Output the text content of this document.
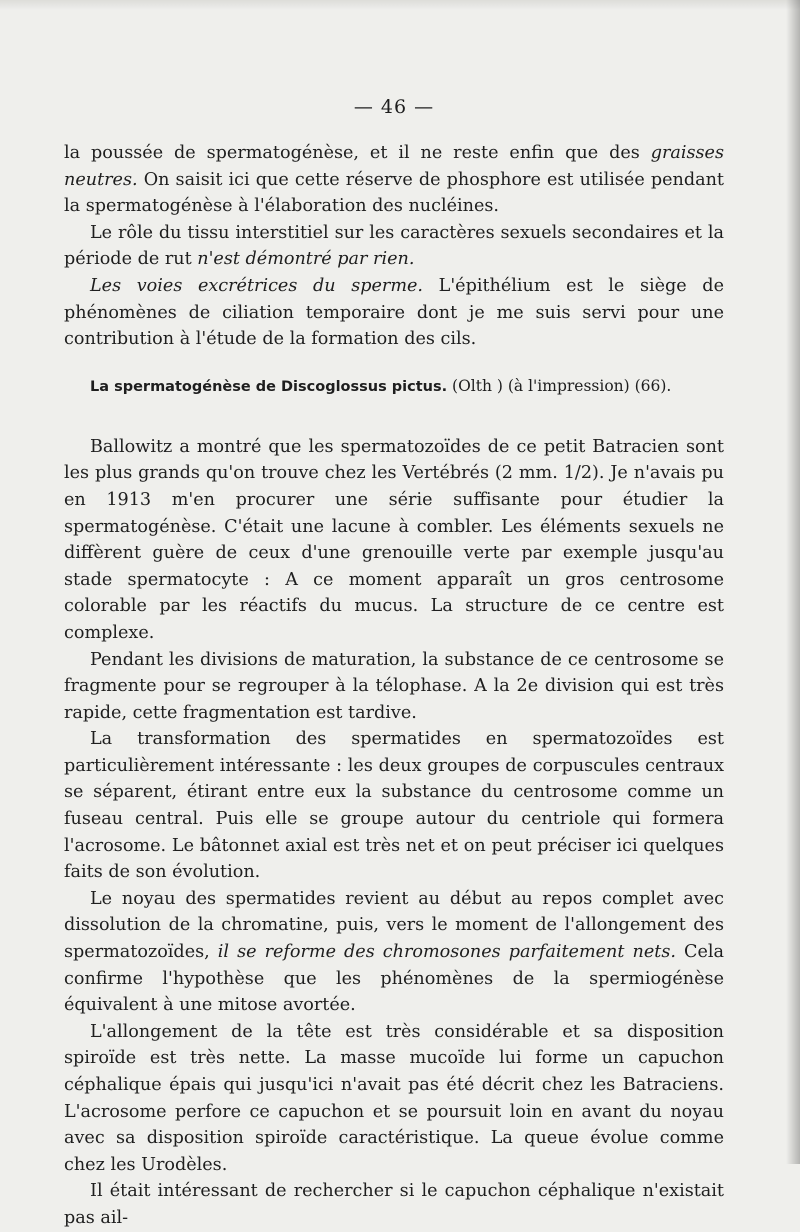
— 46 —

la poussée de spermatogénèse, et il ne reste enfin que des graisses neutres. On saisit ici que cette réserve de phosphore est utilisée pendant la spermatogénèse à l'élaboration des nucléines.

Le rôle du tissu interstitiel sur les caractères sexuels secondaires et la période de rut n'est démontré par rien.

Les voies excrétrices du sperme. L'épithélium est le siège de phénomènes de ciliation temporaire dont je me suis servi pour une contribution à l'étude de la formation des cils.

La spermatogénèse de Discoglossus pictus. (Olth ) (à l'impression) (66).

Ballowitz a montré que les spermatozoïdes de ce petit Batracien sont les plus grands qu'on trouve chez les Vertébrés (2 mm. 1/2). Je n'avais pu en 1913 m'en procurer une série suffisante pour étudier la spermatogénèse. C'était une lacune à combler. Les éléments sexuels ne diffèrent guère de ceux d'une grenouille verte par exemple jusqu'au stade spermatocyte : A ce moment apparaît un gros centrosome colorable par les réactifs du mucus. La structure de ce centre est complexe.

Pendant les divisions de maturation, la substance de ce centrosome se fragmente pour se regrouper à la télophase. A la 2e division qui est très rapide, cette fragmentation est tardive.

La transformation des spermatides en spermatozoïdes est particulièrement intéressante : les deux groupes de corpuscules centraux se séparent, étirant entre eux la substance du centrosome comme un fuseau central. Puis elle se groupe autour du centriole qui formera l'acrosome. Le bâtonnet axial est très net et on peut préciser ici quelques faits de son évolution.

Le noyau des spermatides revient au début au repos complet avec dissolution de la chromatine, puis, vers le moment de l'allongement des spermatozoïdes, il se reforme des chromosones parfaitement nets. Cela confirme l'hypothèse que les phénomènes de la spermiogénèse équivalent à une mitose avortée.

L'allongement de la tête est très considérable et sa disposition spiroïde est très nette. La masse mucoïde lui forme un capuchon céphalique épais qui jusqu'ici n'avait pas été décrit chez les Batraciens. L'acrosome perfore ce capuchon et se poursuit loin en avant du noyau avec sa disposition spiroïde caractéristique. La queue évolue comme chez les Urodèles.

Il était intéressant de rechercher si le capuchon céphalique n'existait pas ail-
